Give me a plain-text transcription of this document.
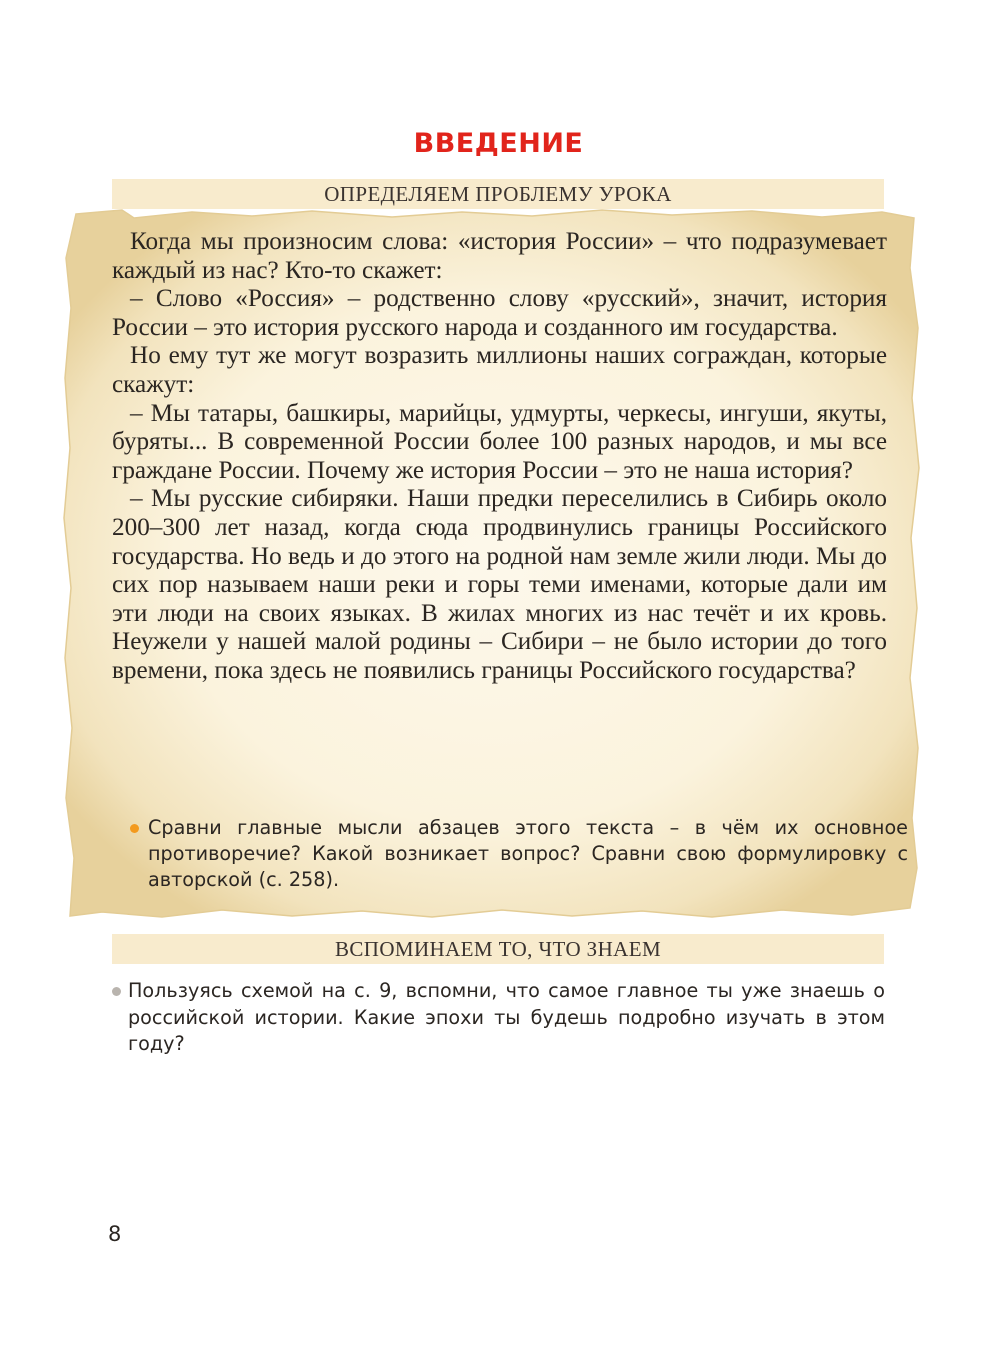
ВВЕДЕНИЕ
ОПРЕДЕЛЯЕМ ПРОБЛЕМУ УРОКА

Когда мы произносим слова: «история России» – что подразумевает каждый из нас? Кто-то скажет:

– Слово «Россия» – родственно слову «русский», значит, история России – это история русского народа и созданного им государства.

Но ему тут же могут возразить миллионы наших сограждан, которые скажут:

– Мы татары, башкиры, марийцы, удмурты, черкесы, ингуши, якуты, буряты... В современной России более 100 разных народов, и мы все граждане России. Почему же история России – это не наша история?

– Мы русские сибиряки. Наши предки переселились в Сибирь около 200–300 лет назад, когда сюда продвинулись границы Российского государства. Но ведь и до этого на родной нам земле жили люди. Мы до сих пор называем наши реки и горы теми именами, которые дали им эти люди на своих языках. В жилах многих из нас течёт и их кровь. Неужели у нашей малой родины – Сибири – не было истории до того времени, пока здесь не появились границы Российского государства?

Сравни главные мысли абзацев этого текста – в чём их основное противоречие? Какой возникает вопрос? Сравни свою формулировку с авторской (с. 258).
ВСПОМИНАЕМ ТО, ЧТО ЗНАЕМ
Пользуясь схемой на с. 9, вспомни, что самое главное ты уже знаешь о российской истории. Какие эпохи ты будешь подробно изучать в этом году?
8
